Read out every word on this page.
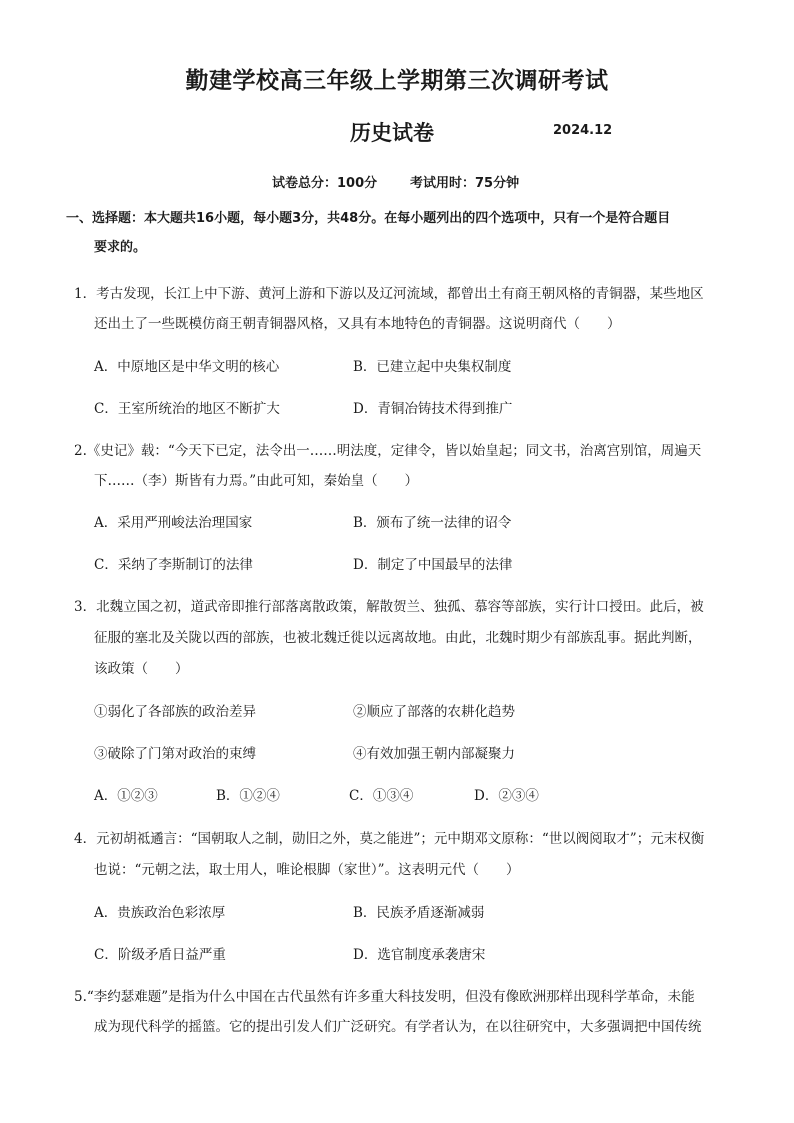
勤建学校高三年级上学期第三次调研考试
历史试卷	2024.12
试卷总分：100分	考试用时：75分钟
一、选择题：本大题共16小题，每小题3分，共48分。在每小题列出的四个选项中，只有一个是符合题目
要求的。
1．考古发现，长江上中下游、黄河上游和下游以及辽河流域，都曾出土有商王朝风格的青铜器，某些地区
还出土了一些既模仿商王朝青铜器风格，又具有本地特色的青铜器。这说明商代（　　）
A．中原地区是中华文明的核心	B．已建立起中央集权制度
C．王室所统治的地区不断扩大	D．青铜冶铸技术得到推广
2.《史记》载：“今天下已定，法令出一……明法度，定律令，皆以始皇起；同文书，治离宫别馆，周遍天
下……（李）斯皆有力焉。”由此可知，秦始皇（　　）
A．采用严刑峻法治理国家	B．颁布了统一法律的诏令
C．采纳了李斯制订的法律	D．制定了中国最早的法律
3．北魏立国之初，道武帝即推行部落离散政策，解散贺兰、独孤、慕容等部族，实行计口授田。此后，被
征服的塞北及关陇以西的部族，也被北魏迁徙以远离故地。由此，北魏时期少有部族乱事。据此判断，
该政策（　　）
①弱化了各部族的政治差异	②顺应了部落的农耕化趋势
③破除了门第对政治的束缚	④有效加强王朝内部凝聚力
A．①②③	B．①②④	C．①③④	D．②③④
4．元初胡祗遹言：“国朝取人之制，勋旧之外，莫之能进”；元中期邓文原称：“世以阀阅取才”；元末权衡
也说：“元朝之法，取士用人，唯论根脚（家世）”。这表明元代（　　）
A．贵族政治色彩浓厚	B．民族矛盾逐渐减弱
C．阶级矛盾日益严重	D．选官制度承袭唐宋
5.“李约瑟难题”是指为什么中国在古代虽然有许多重大科技发明，但没有像欧洲那样出现科学革命，未能
成为现代科学的摇篮。它的提出引发人们广泛研究。有学者认为，在以往研究中，大多强调把中国传统
